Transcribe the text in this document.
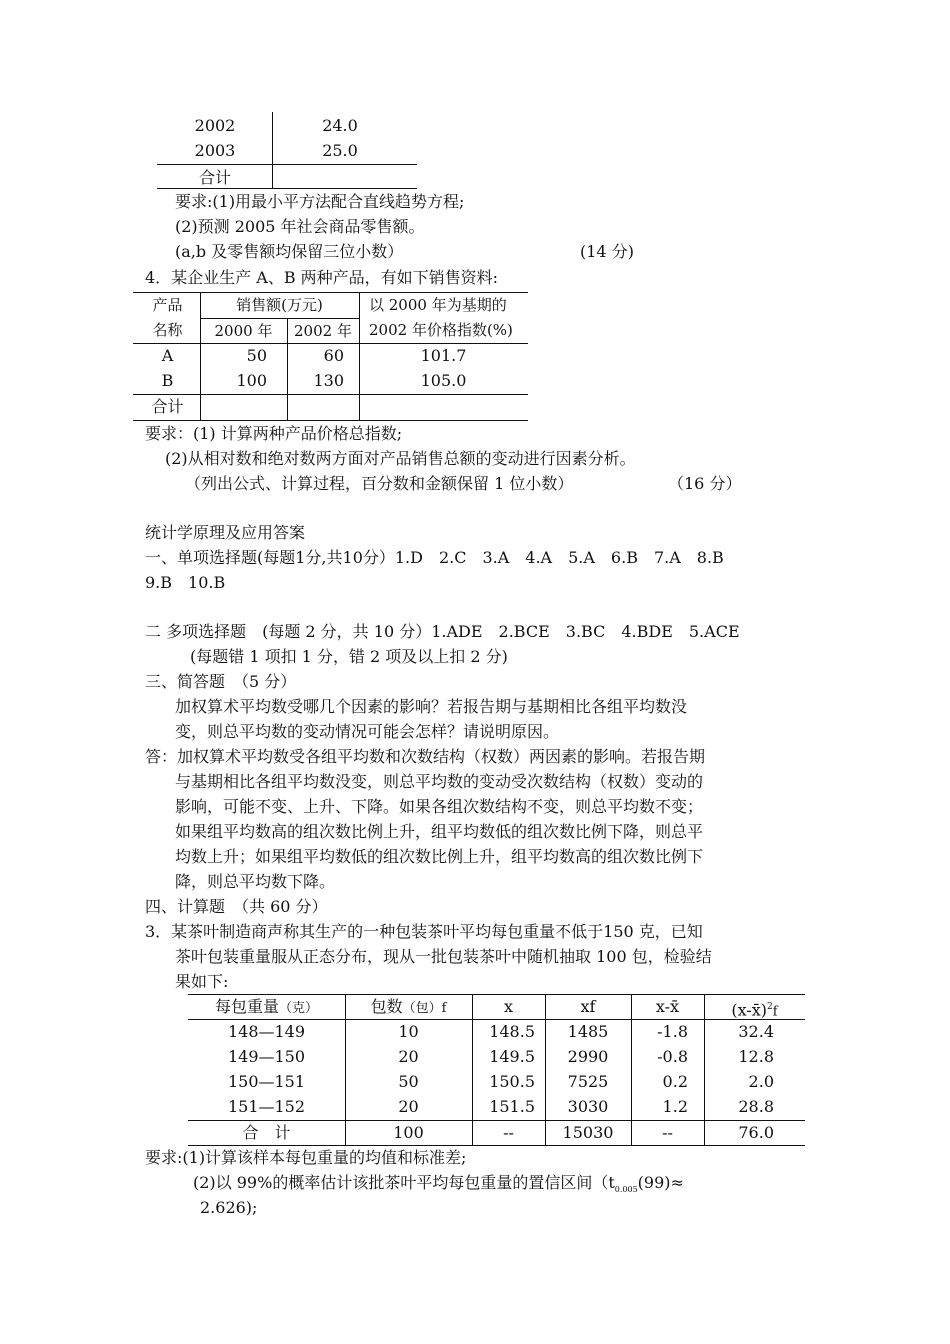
2002	24.0
2003	25.0
合计
要求:(1)用最小平方法配合直线趋势方程;
(2)预测 2005 年社会商品零售额。
(a,b 及零售额均保留三位小数）	(14 分)
4．某企业生产 A、B 两种产品，有如下销售资料:
产品
名称
销售额(万元)
2000 年	2002 年
以 2000 年为基期的
2002 年价格指数(%)
A	50	60	101.7
B	100	130	105.0
合计
要求：(1) 计算两种产品价格总指数;
(2)从相对数和绝对数两方面对产品销售总额的变动进行因素分析。
（列出公式、计算过程，百分数和金额保留 1 位小数）	（16 分）
统计学原理及应用答案
一、单项选择题(每题1分,共10分）1.D　2.C　3.A　4.A　5.A　6.B　7.A　8.B
9.B　10.B
二 多项选择题　(每题 2 分，共 10 分）1.ADE　2.BCE　3.BC　4.BDE　5.ACE
(每题错 1 项扣 1 分，错 2 项及以上扣 2 分)
三、简答题　（5 分）
加权算术平均数受哪几个因素的影响？若报告期与基期相比各组平均数没
变，则总平均数的变动情况可能会怎样？请说明原因。
答：加权算术平均数受各组平均数和次数结构（权数）两因素的影响。若报告期
与基期相比各组平均数没变，则总平均数的变动受次数结构（权数）变动的
影响，可能不变、上升、下降。如果各组次数结构不变，则总平均数不变；
如果组平均数高的组次数比例上升，组平均数低的组次数比例下降，则总平
均数上升；如果组平均数低的组次数比例上升，组平均数高的组次数比例下
降，则总平均数下降。
四、计算题　（共 60 分）
3．某茶叶制造商声称其生产的一种包装茶叶平均每包重量不低于150 克，已知
茶叶包装重量服从正态分布，现从一批包装茶叶中随机抽取 100 包，检验结
果如下:
每包重量（克）	包数（包）f	x	xf	x-x̄	(x-x̄)$^2$f
148—149	10	148.5	1485	-1.8	32.4
149—150	20	149.5	2990	-0.8	12.8
150—151	50	150.5	7525	0.2	2.0
151—152	20	151.5	3030	1.2	28.8
合　计	100	--	15030	--	76.0
要求:(1)计算该样本每包重量的均值和标准差;
(2)以 99%的概率估计该批茶叶平均每包重量的置信区间（$t_{0.005}(99)\approx$
2.626);
